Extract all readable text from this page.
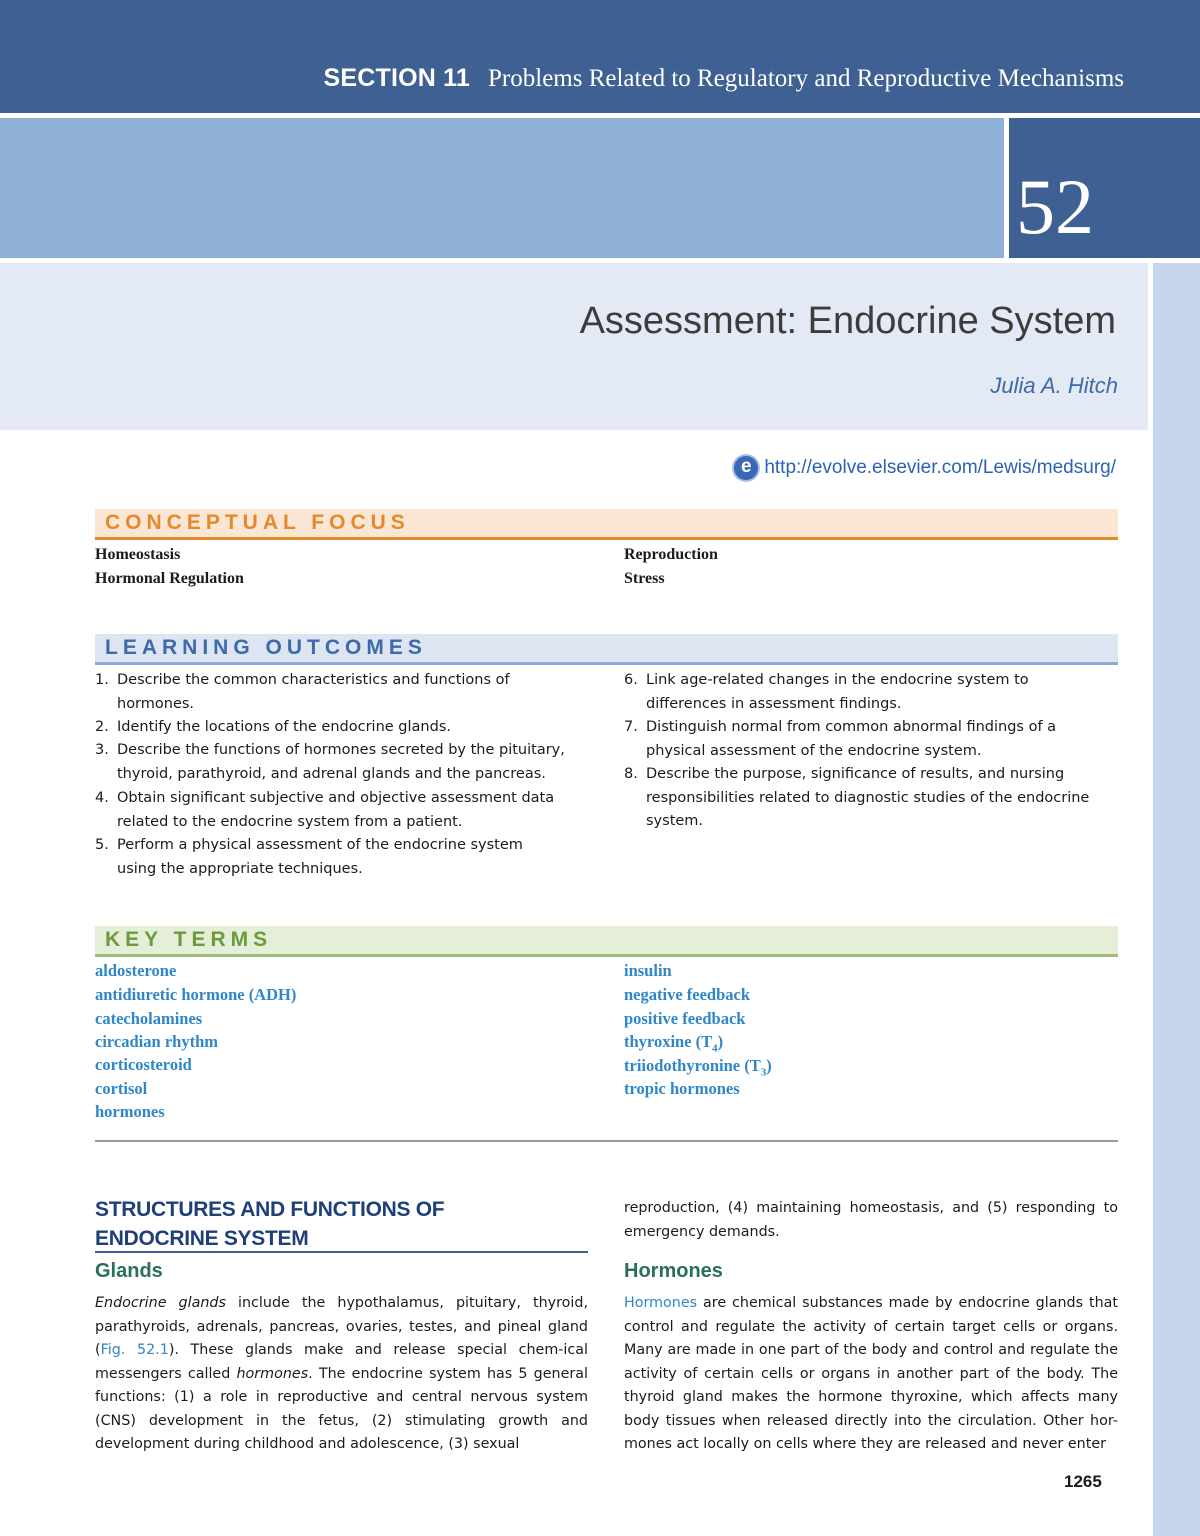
SECTION 11 Problems Related to Regulatory and Reproductive Mechanisms
52
Assessment: Endocrine System
Julia A. Hitch
e http://evolve.elsevier.com/Lewis/medsurg/
CONCEPTUAL FOCUS
Homeostasis
Hormonal Regulation
Reproduction
Stress
LEARNING OUTCOMES
1. Describe the common characteristics and functions of hormones.
2. Identify the locations of the endocrine glands.
3. Describe the functions of hormones secreted by the pituitary, thyroid, parathyroid, and adrenal glands and the pancreas.
4. Obtain significant subjective and objective assessment data related to the endocrine system from a patient.
5. Perform a physical assessment of the endocrine system using the appropriate techniques.
6. Link age-related changes in the endocrine system to differences in assessment findings.
7. Distinguish normal from common abnormal findings of a physical assessment of the endocrine system.
8. Describe the purpose, significance of results, and nursing responsibilities related to diagnostic studies of the endocrine system.
KEY TERMS
aldosterone
antidiuretic hormone (ADH)
catecholamines
circadian rhythm
corticosteroid
cortisol
hormones
insulin
negative feedback
positive feedback
thyroxine $(T_4)$
triiodothyronine $(T_3)$
tropic hormones
STRUCTURES AND FUNCTIONS OF
ENDOCRINE SYSTEM
Glands
Endocrine glands include the hypothalamus, pituitary, thyroid, parathyroids, adrenals, pancreas, ovaries, testes, and pineal gland (Fig. 52.1). These glands make and release special chem-ical messengers called hormones. The endocrine system has 5 general functions: (1) a role in reproductive and central nervous system (CNS) development in the fetus, (2) stimulating growth and development during childhood and adolescence, (3) sexual
reproduction, (4) maintaining homeostasis, and (5) responding to emergency demands.
Hormones
Hormones are chemical substances made by endocrine glands that control and regulate the activity of certain target cells or organs. Many are made in one part of the body and control and regulate the activity of certain cells or organs in another part of the body. The thyroid gland makes the hormone thyroxine, which affects many body tissues when released directly into the circulation. Other hor-mones act locally on cells where they are released and never enter
1265
